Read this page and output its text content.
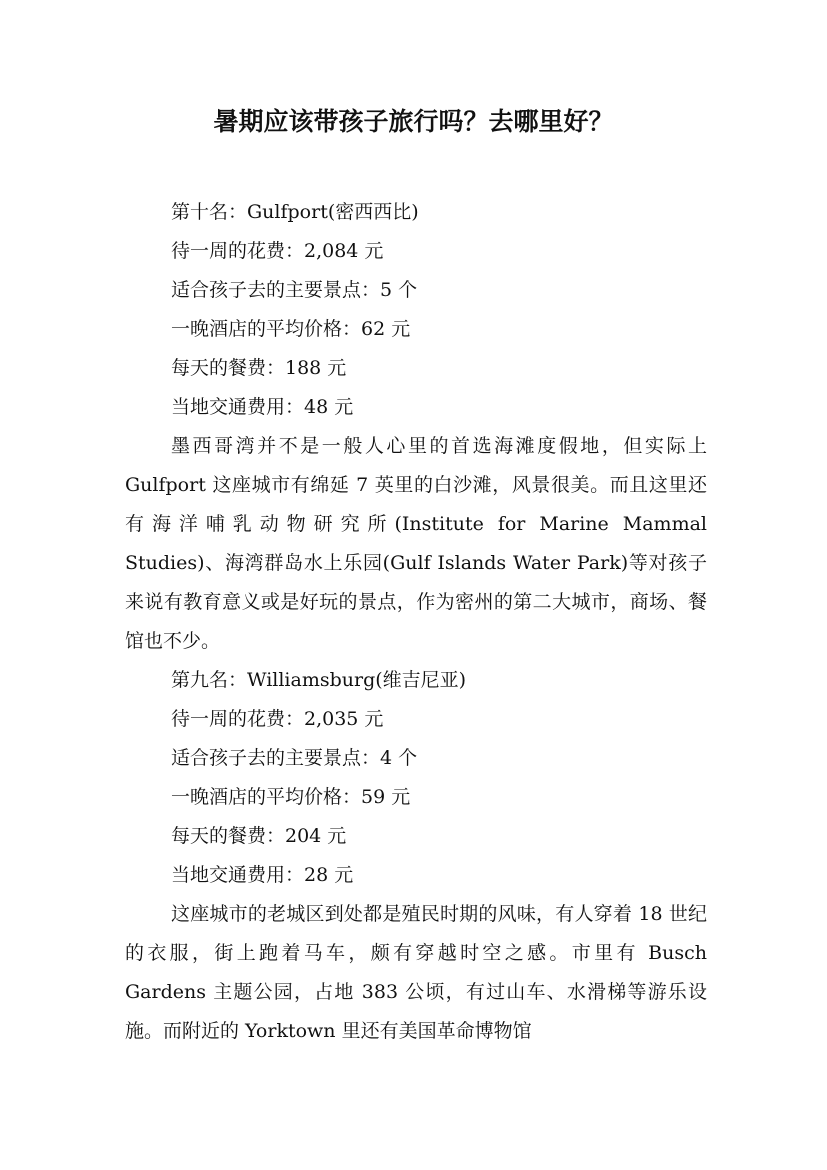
暑期应该带孩子旅行吗？去哪里好？

第十名：Gulfport(密西西比)

待一周的花费：2,084 元

适合孩子去的主要景点：5 个

一晚酒店的平均价格：62 元

每天的餐费：188 元

当地交通费用：48 元

墨西哥湾并不是一般人心里的首选海滩度假地，但实际上 Gulfport 这座城市有绵延 7 英里的白沙滩，风景很美。而且这里还有海洋哺乳动物研究所(Institute for Marine Mammal Studies)、海湾群岛水上乐园(Gulf Islands Water Park)等对孩子来说有教育意义或是好玩的景点，作为密州的第二大城市，商场、餐馆也不少。

第九名：Williamsburg(维吉尼亚)

待一周的花费：2,035 元

适合孩子去的主要景点：4 个

一晚酒店的平均价格：59 元

每天的餐费：204 元

当地交通费用：28 元

这座城市的老城区到处都是殖民时期的风味，有人穿着 18 世纪的衣服，街上跑着马车，颇有穿越时空之感。市里有 Busch Gardens 主题公园，占地 383 公顷，有过山车、水滑梯等游乐设施。而附近的 Yorktown 里还有美国革命博物馆
